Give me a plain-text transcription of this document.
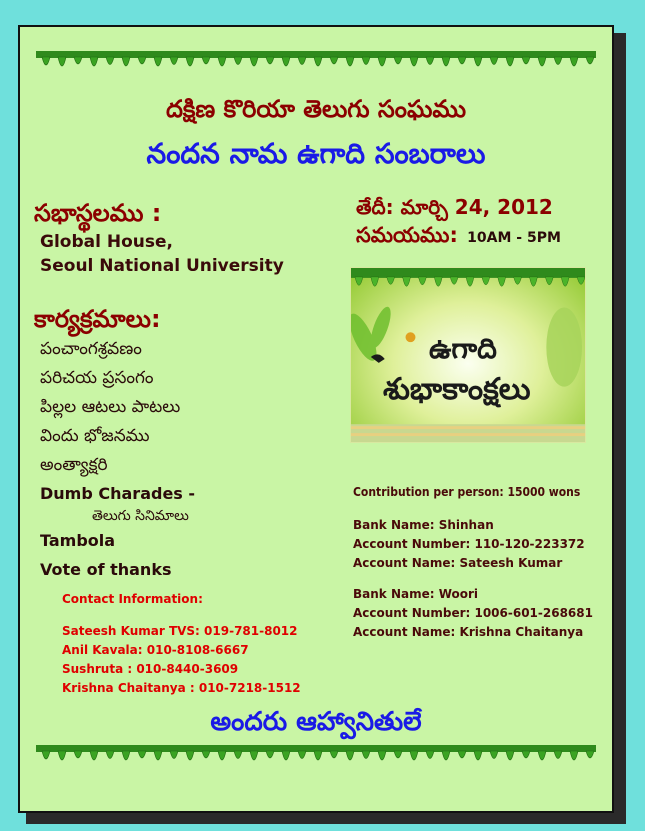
దక్షిణ కొరియా తెలుగు సంఘము
నందన నామ ఉగాది సంబరాలు
సభాస్థలము :
Global House,
Seoul National University
తేదీ: మార్చి 24, 2012
సమయము: 10AM - 5PM
కార్యక్రమాలు:
పంచాంగశ్రవణం
పరిచయ ప్రసంగం
పిల్లల ఆటలు పాటలు
విందు భోజనము
అంత్యాక్షరి
Dumb Charades -
తెలుగు సినిమాలు
Tambola
Vote of thanks
ఉగాది
శుభాకాంక్షలు
Contribution per person: 15000 wons
Bank Name: Shinhan
Account Number: 110-120-223372
Account Name: Sateesh Kumar
Bank Name: Woori
Account Number: 1006-601-268681
Account Name: Krishna Chaitanya
Contact Information:
Sateesh Kumar TVS: 019-781-8012
Anil Kavala: 010-8108-6667
Sushruta : 010-8440-3609
Krishna Chaitanya : 010-7218-1512
అందరు ఆహ్వానితులే
